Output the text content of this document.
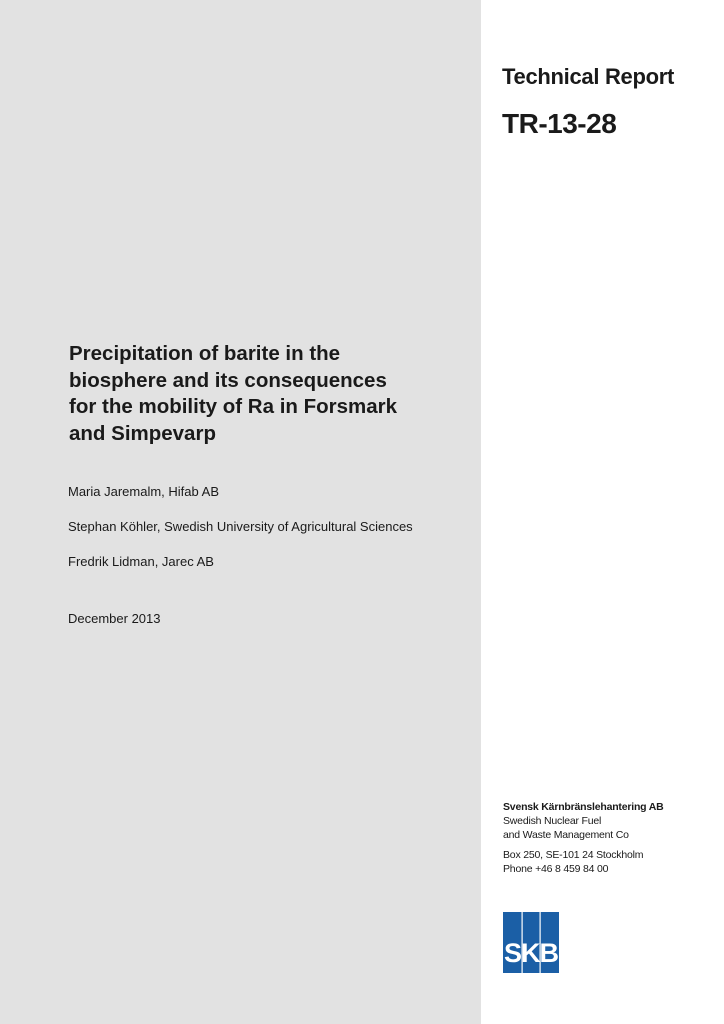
Technical Report
TR-13-28
Precipitation of barite in the
biosphere and its consequences
for the mobility of Ra in Forsmark
and Simpevarp
Maria Jaremalm, Hifab AB
Stephan Köhler, Swedish University of Agricultural Sciences
Fredrik Lidman, Jarec AB
December 2013
Svensk Kärnbränslehantering AB
Swedish Nuclear Fuel
and Waste Management Co
Box 250, SE-101 24 Stockholm
Phone +46 8 459 84 00
SKB
